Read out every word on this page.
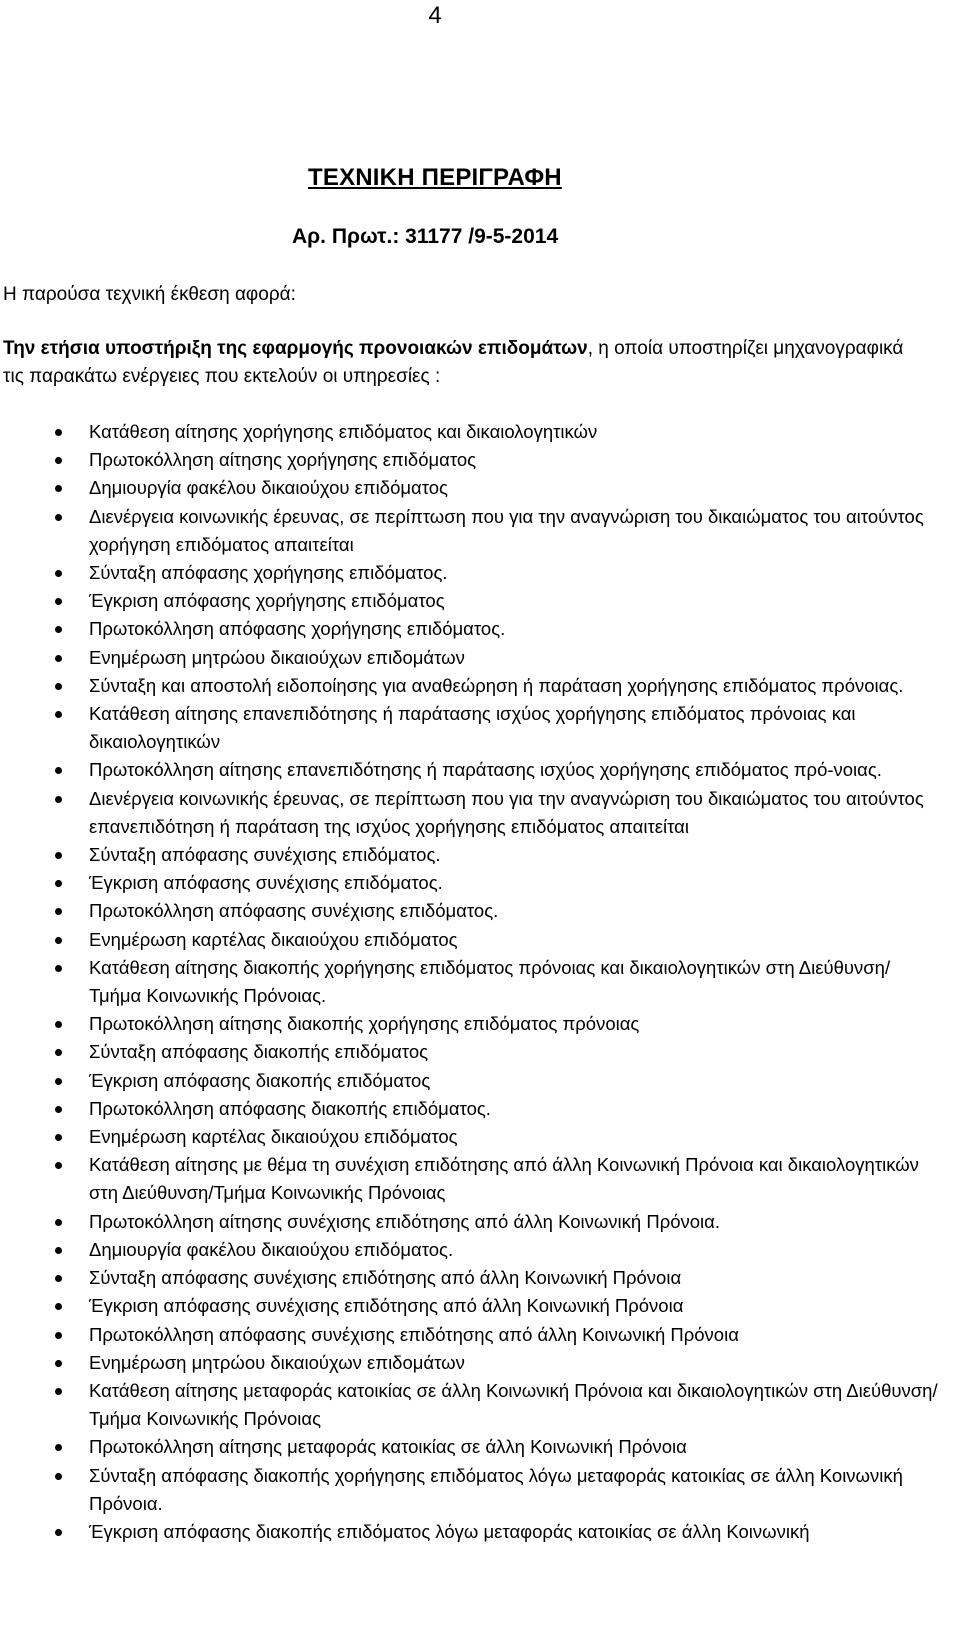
4
ΤΕΧΝΙΚΗ ΠΕΡΙΓΡΑΦΗ
Αρ. Πρωτ.: 31177 /9-5-2014
Η παρούσα τεχνική έκθεση αφορά:
Την ετήσια υποστήριξη της εφαρμογής προνοιακών επιδομάτων, η οποία υποστηρίζει μηχανογραφικά τις παρακάτω ενέργειες που εκτελούν οι υπηρεσίες :
Κατάθεση αίτησης χορήγησης επιδόματος και δικαιολογητικών
Πρωτοκόλληση αίτησης χορήγησης επιδόματος
Δημιουργία φακέλου δικαιούχου επιδόματος
Διενέργεια κοινωνικής έρευνας, σε περίπτωση που για την αναγνώριση του δικαιώματος του αιτούντος χορήγηση επιδόματος απαιτείται
Σύνταξη απόφασης χορήγησης επιδόματος.
Έγκριση απόφασης χορήγησης επιδόματος
Πρωτοκόλληση απόφασης χορήγησης επιδόματος.
Ενημέρωση μητρώου δικαιούχων επιδομάτων
Σύνταξη και αποστολή ειδοποίησης για αναθεώρηση ή παράταση χορήγησης επιδόματος πρόνοιας.
Κατάθεση αίτησης επανεπιδότησης ή παράτασης ισχύος χορήγησης επιδόματος πρόνοιας και δικαιολογητικών
Πρωτοκόλληση αίτησης επανεπιδότησης ή παράτασης ισχύος χορήγησης επιδόματος πρό-νοιας.
Διενέργεια κοινωνικής έρευνας, σε περίπτωση που για την αναγνώριση του δικαιώματος του αιτούντος επανεπιδότηση ή παράταση της ισχύος χορήγησης επιδόματος απαιτείται
Σύνταξη απόφασης συνέχισης επιδόματος.
Έγκριση απόφασης συνέχισης επιδόματος.
Πρωτοκόλληση απόφασης συνέχισης επιδόματος.
Ενημέρωση καρτέλας δικαιούχου επιδόματος
Κατάθεση αίτησης διακοπής χορήγησης επιδόματος πρόνοιας και δικαιολογητικών στη Διεύθυνση/Τμήμα Κοινωνικής Πρόνοιας.
Πρωτοκόλληση αίτησης διακοπής χορήγησης επιδόματος πρόνοιας
Σύνταξη απόφασης διακοπής επιδόματος
Έγκριση απόφασης διακοπής επιδόματος
Πρωτοκόλληση απόφασης διακοπής επιδόματος.
Ενημέρωση καρτέλας δικαιούχου επιδόματος
Κατάθεση αίτησης με θέμα τη συνέχιση επιδότησης από άλλη Κοινωνική Πρόνοια και δικαιολογητικών στη Διεύθυνση/Τμήμα Κοινωνικής Πρόνοιας
Πρωτοκόλληση αίτησης συνέχισης επιδότησης από άλλη Κοινωνική Πρόνοια.
Δημιουργία φακέλου δικαιούχου επιδόματος.
Σύνταξη απόφασης συνέχισης επιδότησης από άλλη Κοινωνική Πρόνοια
Έγκριση απόφασης συνέχισης επιδότησης από άλλη Κοινωνική Πρόνοια
Πρωτοκόλληση απόφασης συνέχισης επιδότησης από άλλη Κοινωνική Πρόνοια
Ενημέρωση μητρώου δικαιούχων επιδομάτων
Κατάθεση αίτησης μεταφοράς κατοικίας σε άλλη Κοινωνική Πρόνοια και δικαιολογητικών στη Διεύθυνση/Τμήμα Κοινωνικής Πρόνοιας
Πρωτοκόλληση αίτησης μεταφοράς κατοικίας σε άλλη Κοινωνική Πρόνοια
Σύνταξη απόφασης διακοπής χορήγησης επιδόματος λόγω μεταφοράς κατοικίας σε άλλη Κοινωνική Πρόνοια.
Έγκριση απόφασης διακοπής επιδόματος λόγω μεταφοράς κατοικίας σε άλλη Κοινωνική
